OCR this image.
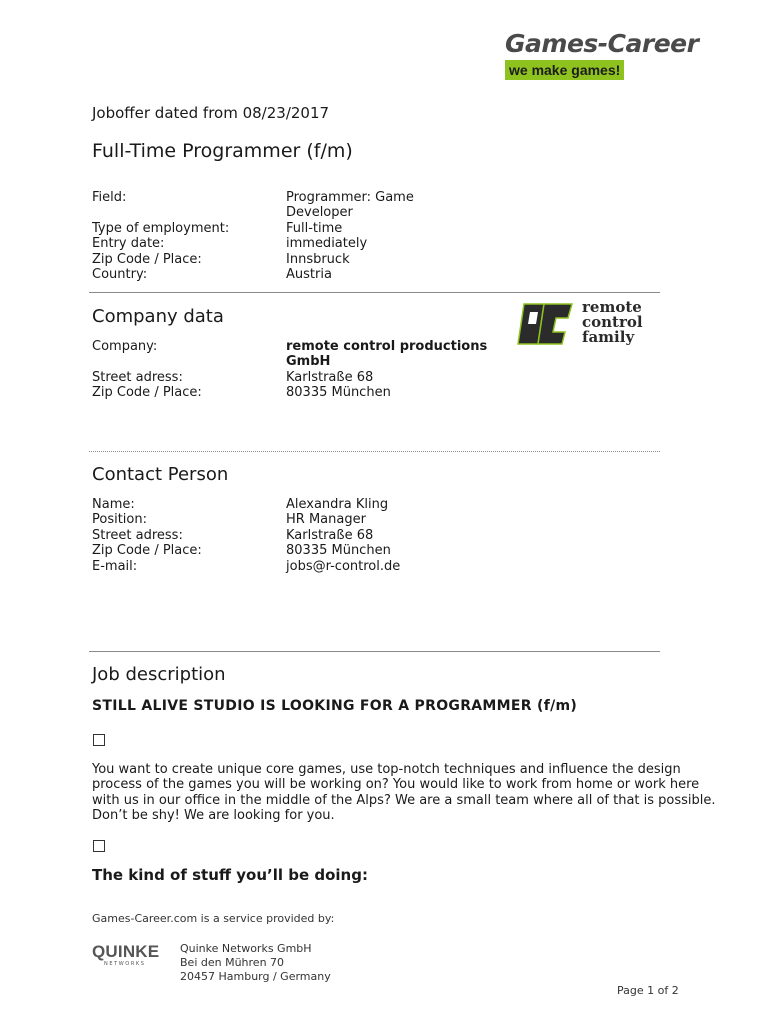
Games-Career
we make games!
Joboffer dated from 08/23/2017
Full-Time Programmer (f/m)
Field:	Programmer: Game Developer
Type of employment:	Full-time
Entry date:	immediately
Zip Code / Place:	Innsbruck
Country:	Austria
Company data	remote
control
family
Company:	remote control productions GmbH
Street adress:	Karlstraße 68
Zip Code / Place:	80335 München
Contact Person
Name:	Alexandra Kling
Position:	HR Manager
Street adress:	Karlstraße 68
Zip Code / Place:	80335 München
E-mail:	jobs@r-control.de
Job description
STILL ALIVE STUDIO IS LOOKING FOR A PROGRAMMER (f/m)
You want to create unique core games, use top-notch techniques and influence the design process of the games you will be working on? You would like to work from home or work here with us in our office in the middle of the Alps? We are a small team where all of that is possible. Don’t be shy! We are looking for you.
The kind of stuff you’ll be doing:
Games-Career.com is a service provided by:
QUINKE
NETWORKS
Quinke Networks GmbH
Bei den Mühren 70
20457 Hamburg / Germany
Page 1 of 2
